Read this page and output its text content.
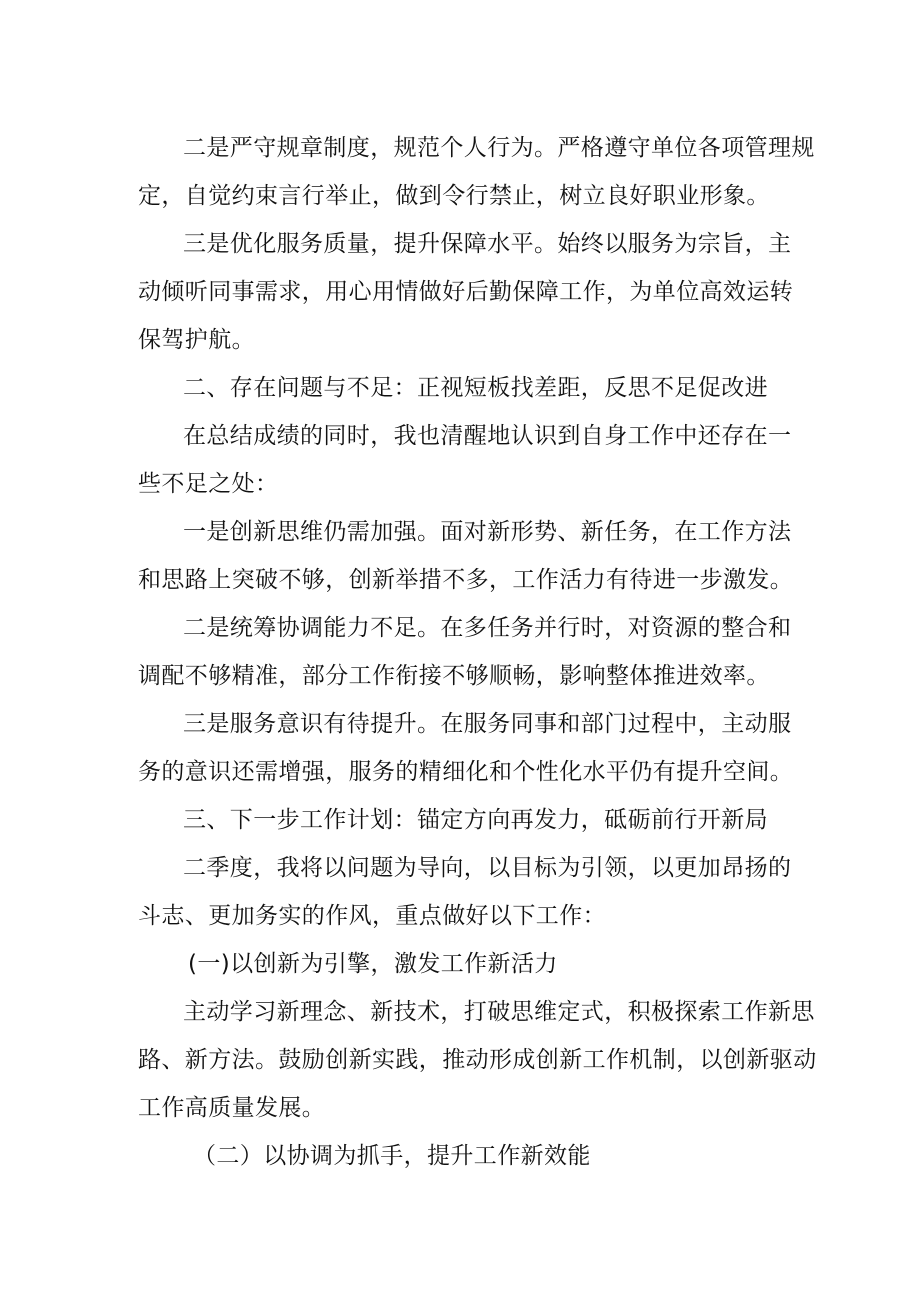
二是严守规章制度，规范个人行为。严格遵守单位各项管理规
定，自觉约束言行举止，做到令行禁止，树立良好职业形象。
三是优化服务质量，提升保障水平。始终以服务为宗旨，主
动倾听同事需求，用心用情做好后勤保障工作，为单位高效运转
保驾护航。
二、存在问题与不足：正视短板找差距，反思不足促改进
在总结成绩的同时，我也清醒地认识到自身工作中还存在一
些不足之处：
一是创新思维仍需加强。面对新形势、新任务，在工作方法
和思路上突破不够，创新举措不多，工作活力有待进一步激发。
二是统筹协调能力不足。在多任务并行时，对资源的整合和
调配不够精准，部分工作衔接不够顺畅，影响整体推进效率。
三是服务意识有待提升。在服务同事和部门过程中，主动服
务的意识还需增强，服务的精细化和个性化水平仍有提升空间。
三、下一步工作计划：锚定方向再发力，砥砺前行开新局
二季度，我将以问题为导向，以目标为引领，以更加昂扬的
斗志、更加务实的作风，重点做好以下工作：
(一)以创新为引擎，激发工作新活力
主动学习新理念、新技术，打破思维定式，积极探索工作新思
路、新方法。鼓励创新实践，推动形成创新工作机制，以创新驱动
工作高质量发展。
（二）以协调为抓手，提升工作新效能
